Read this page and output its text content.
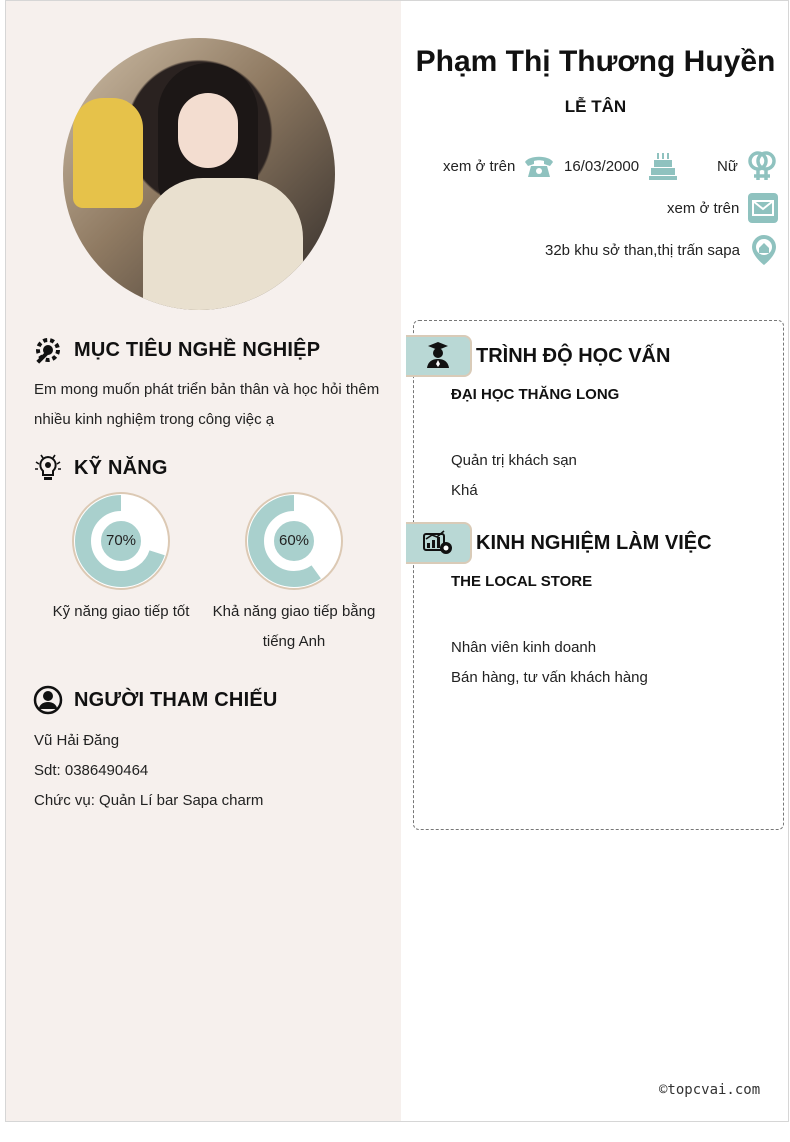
MỤC TIÊU NGHỀ NGHIỆP
Em mong muốn phát triển bản thân và học hỏi thêm nhiều kinh nghiệm trong công việc ạ
KỸ NĂNG
70%
Kỹ năng giao tiếp tốt
60%
Khả năng giao tiếp bằng tiếng Anh
NGƯỜI THAM CHIẾU
Vũ Hải Đăng
Sdt: 0386490464
Chức vụ: Quản Lí bar Sapa charm
Phạm Thị Thương Huyền
LỄ TÂN
xem ở trên	16/03/2000	Nữ
xem ở trên
32b khu sở than,thị trấn sapa
TRÌNH ĐỘ HỌC VẤN
ĐẠI HỌC THĂNG LONG
Quản trị khách sạn
Khá
KINH NGHIỆM LÀM VIỆC
THE LOCAL STORE
Nhân viên kinh doanh
Bán hàng, tư vấn khách hàng
©topcvai.com
